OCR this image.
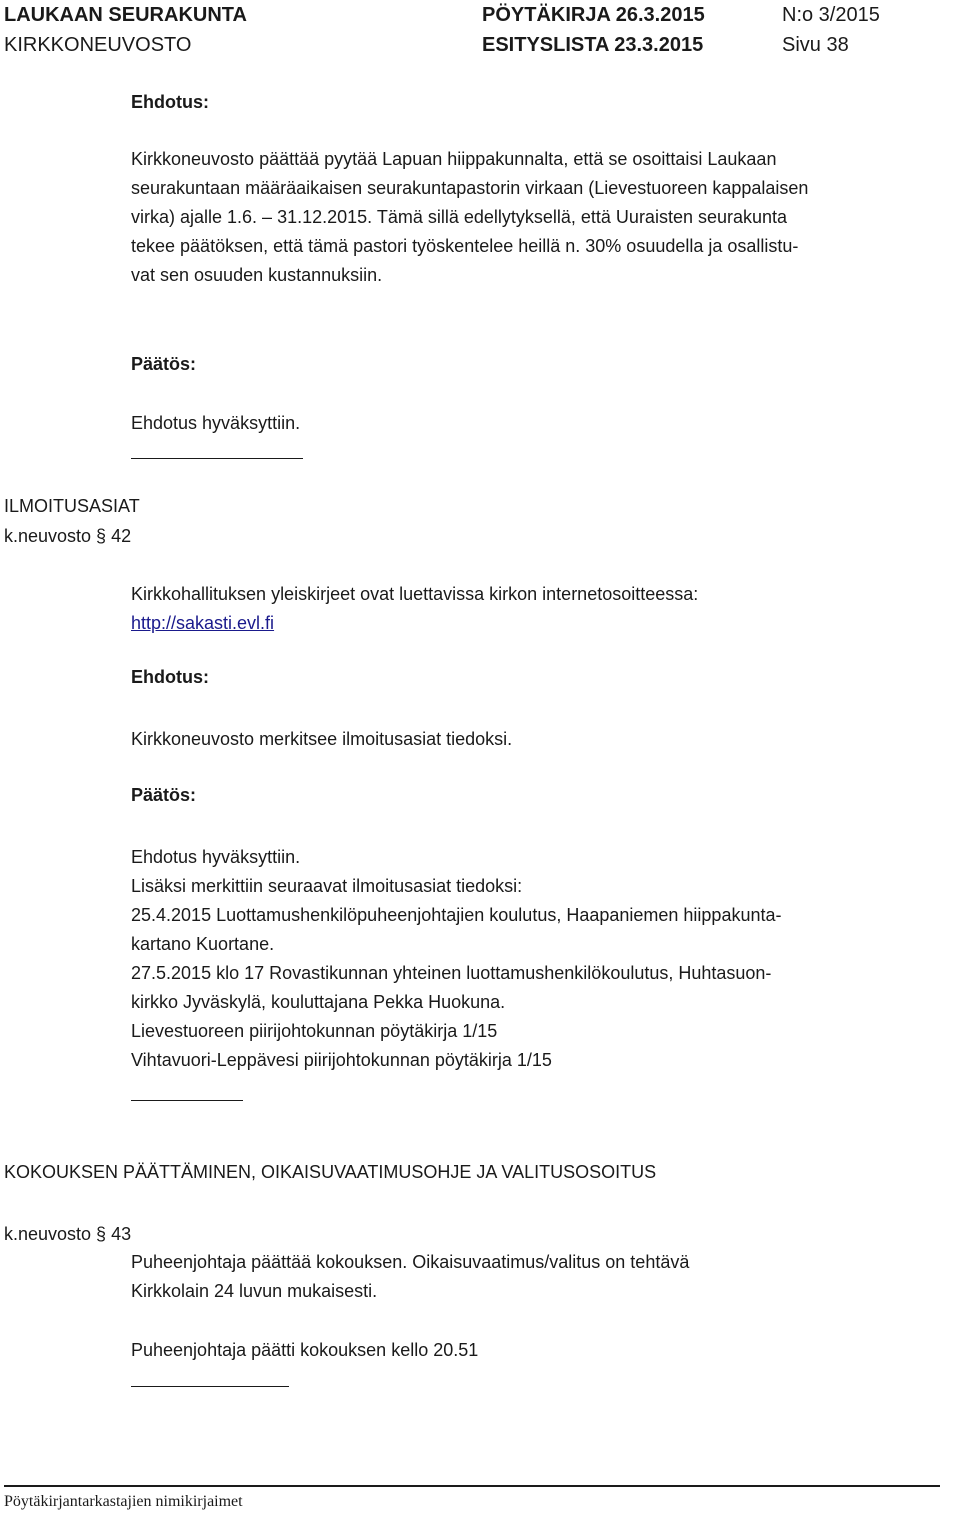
LAUKAAN SEURAKUNTA
KIRKKONEUVOSTO
PÖYTÄKIRJA 26.3.2015
ESITYSLISTA 23.3.2015
N:o 3/2015
Sivu 38
Ehdotus:
Kirkkoneuvosto päättää pyytää Lapuan hiippakunnalta, että se osoittaisi Laukaan
seurakuntaan määräaikaisen seurakuntapastorin virkaan (Lievestuoreen kappalaisen
virka) ajalle 1.6. – 31.12.2015. Tämä sillä edellytyksellä, että Uuraisten seurakunta
tekee päätöksen, että tämä pastori työskentelee heillä n. 30% osuudella ja osallistu-
vat sen osuuden kustannuksiin.
Päätös:
Ehdotus hyväksyttiin.
ILMOITUSASIAT
k.neuvosto § 42
Kirkkohallituksen yleiskirjeet ovat luettavissa kirkon internetosoitteessa:
http://sakasti.evl.fi
Ehdotus:
Kirkkoneuvosto merkitsee ilmoitusasiat tiedoksi.
Päätös:
Ehdotus hyväksyttiin.
Lisäksi merkittiin seuraavat ilmoitusasiat tiedoksi:
25.4.2015 Luottamushenkilöpuheenjohtajien koulutus, Haapaniemen hiippakunta-
kartano Kuortane.
27.5.2015 klo 17 Rovastikunnan yhteinen luottamushenkilökoulutus, Huhtasuon-
kirkko Jyväskylä, kouluttajana Pekka Huokuna.
Lievestuoreen piirijohtokunnan pöytäkirja 1/15
Vihtavuori-Leppävesi piirijohtokunnan pöytäkirja 1/15
KOKOUKSEN PÄÄTTÄMINEN, OIKAISUVAATIMUSOHJE JA VALITUSOSOITUS
k.neuvosto § 43
Puheenjohtaja päättää kokouksen. Oikaisuvaatimus/valitus on tehtävä
Kirkkolain 24 luvun mukaisesti.
Puheenjohtaja päätti kokouksen kello 20.51
Pöytäkirjantarkastajien nimikirjaimet
